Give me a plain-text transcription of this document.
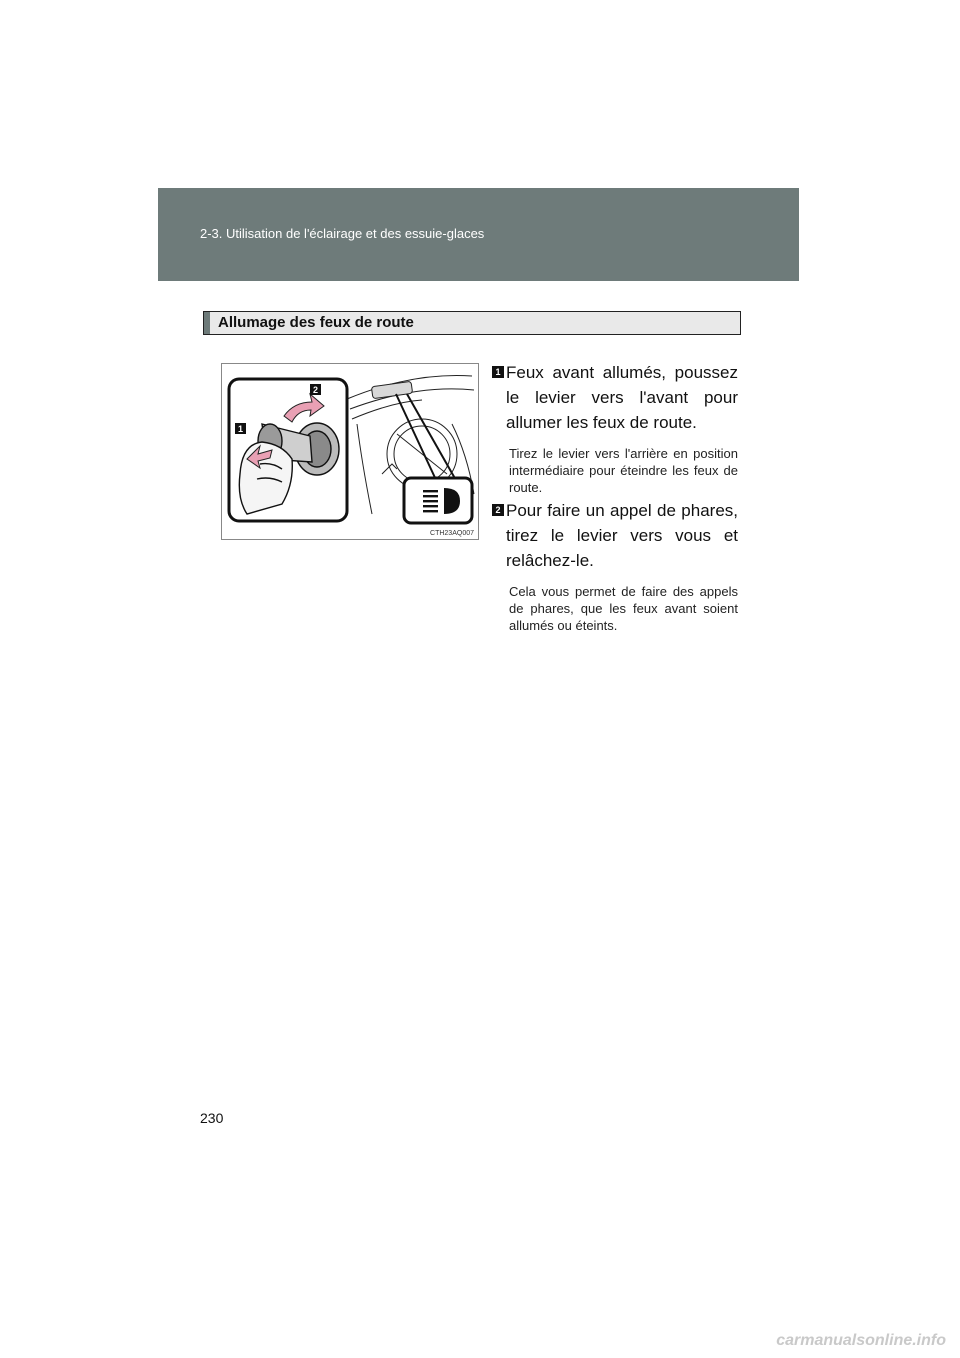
2-3. Utilisation de l'éclairage et des essuie-glaces
Allumage des feux de route
1
2
CTH23AQ007
1 Feux avant allumés, poussez le levier vers l'avant pour allumer les feux de route.
Tirez le levier vers l'arrière en position intermédiaire pour éteindre les feux de route.
2 Pour faire un appel de phares, tirez le levier vers vous et relâchez-le.
Cela vous permet de faire des appels de phares, que les feux avant soient allumés ou éteints.
230
carmanualsonline.info
